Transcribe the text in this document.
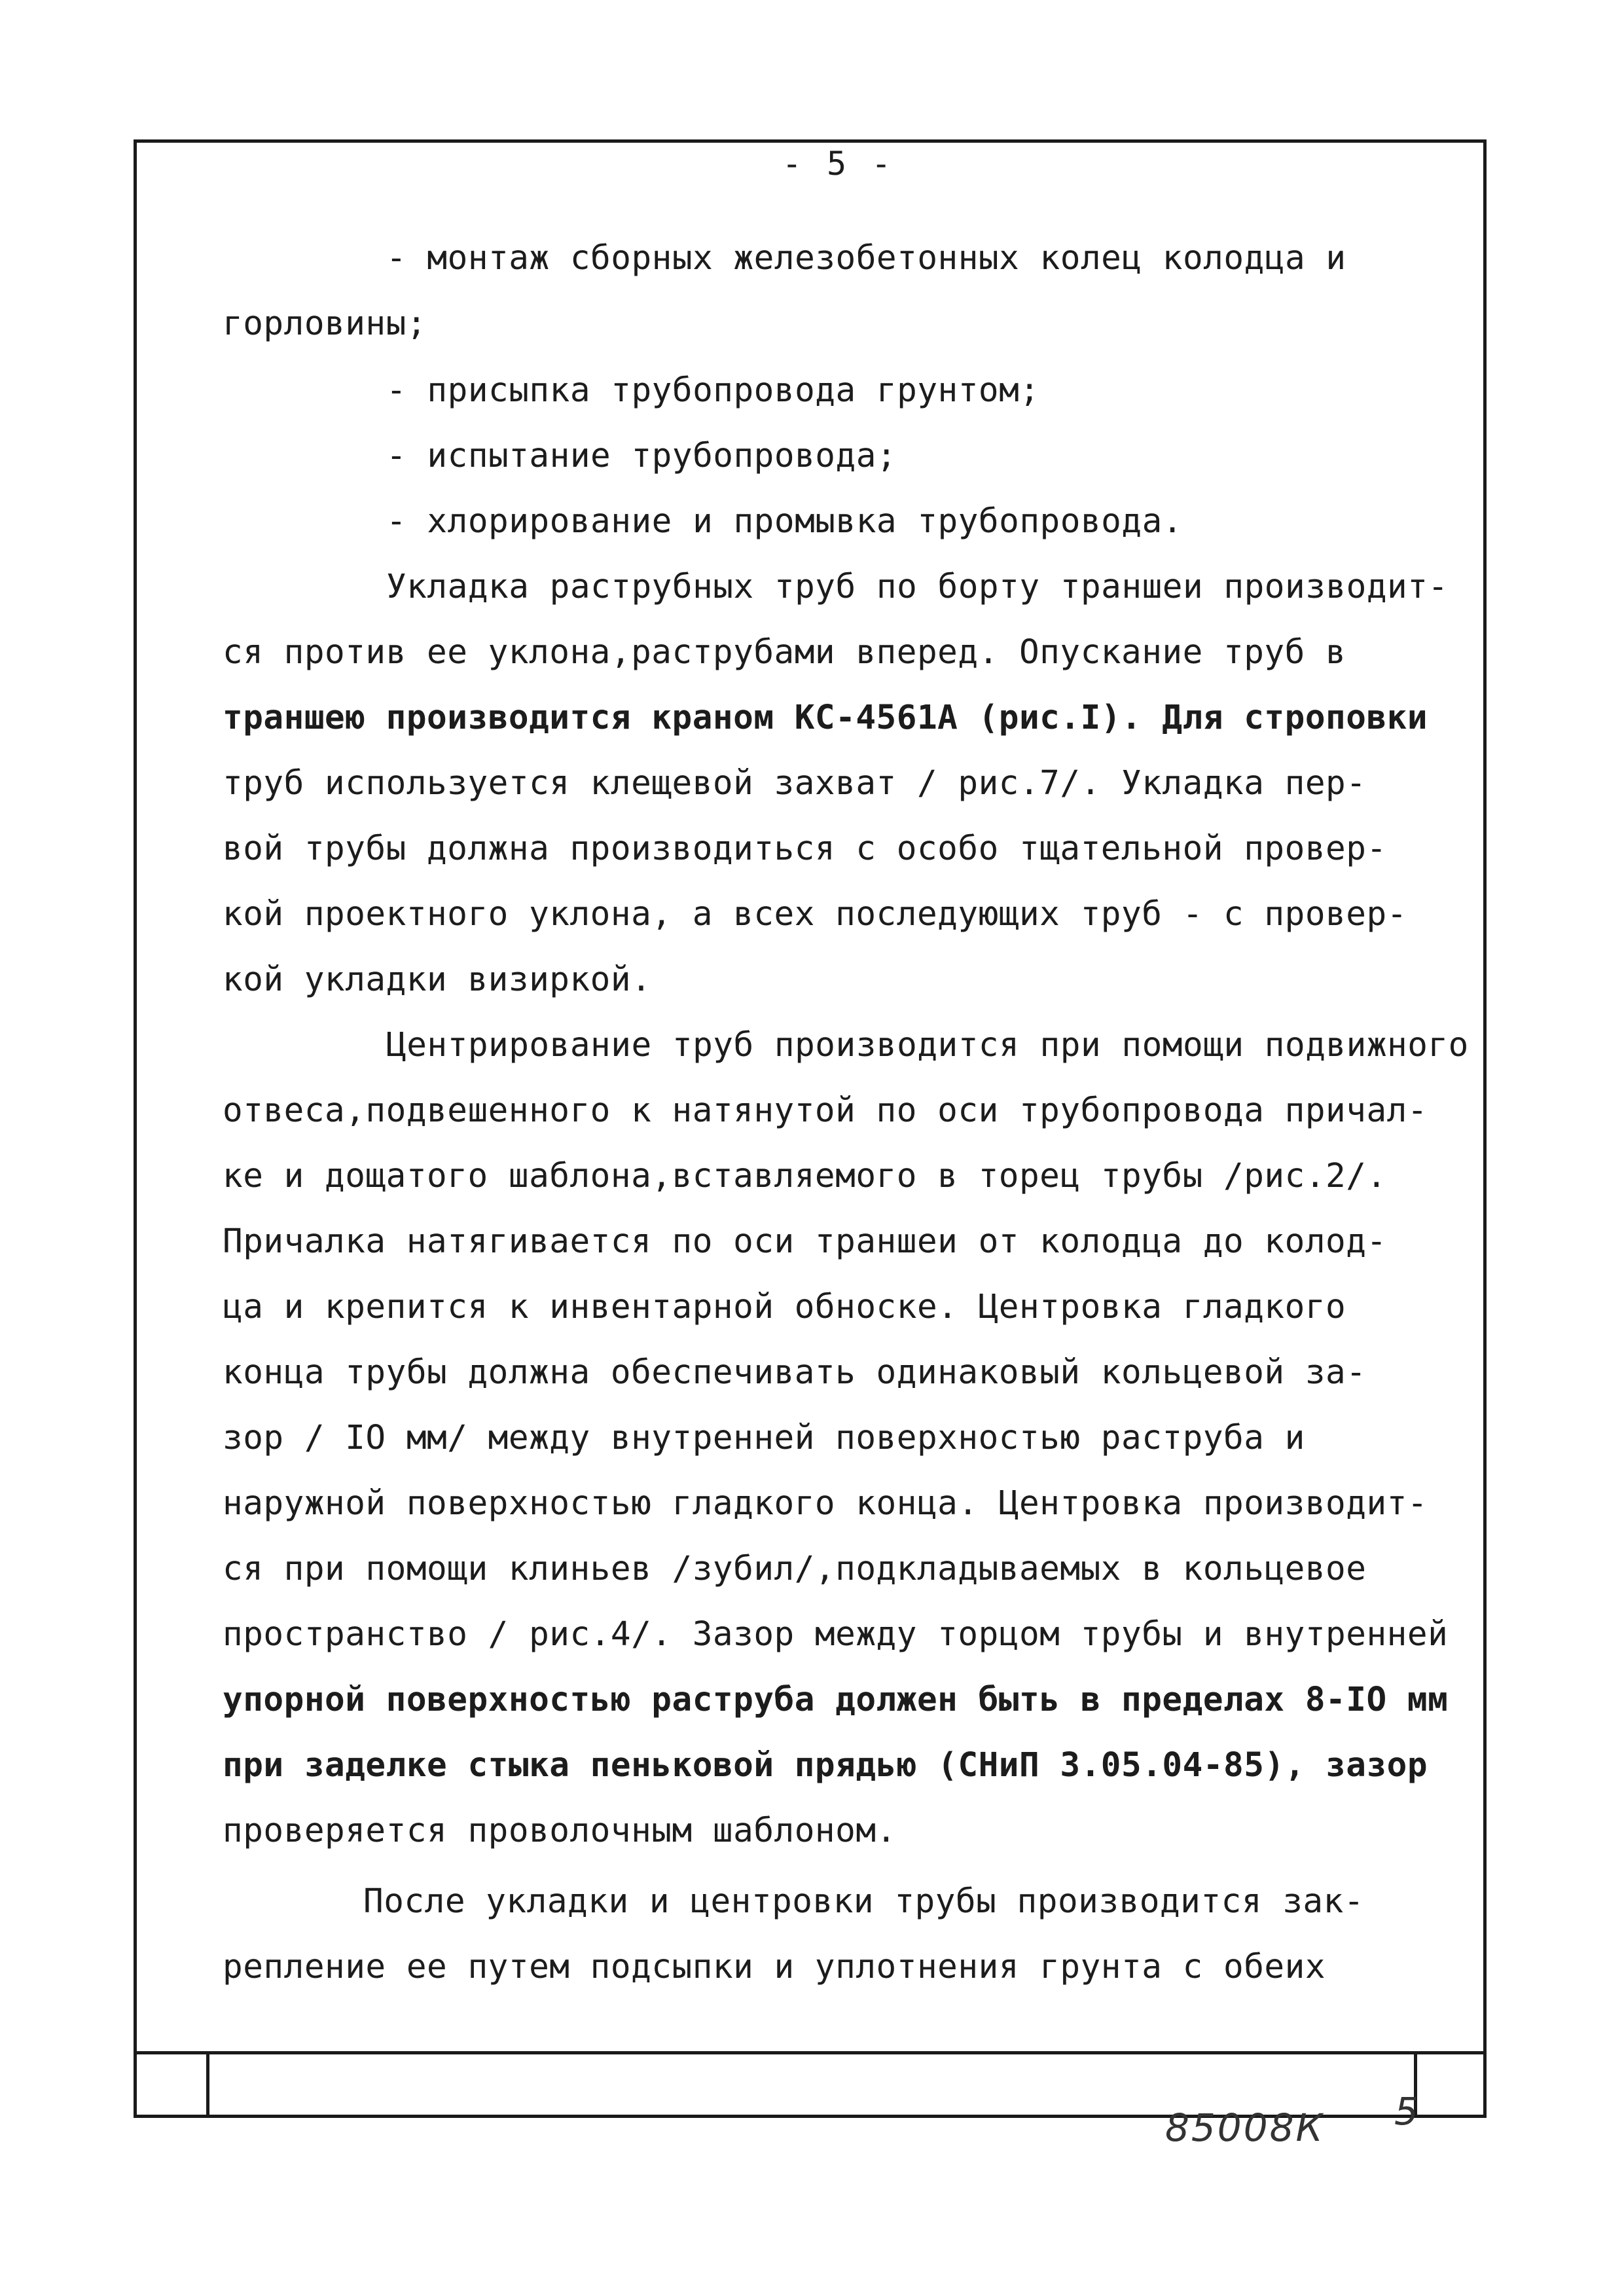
- 5 -
- монтаж сборных железобетонных колец колодца и
горловины;
- присыпка трубопровода грунтом;
- испытание трубопровода;
- хлорирование и промывка трубопровода.
Укладка раструбных труб по борту траншеи производит-
ся против ее уклона,раструбами вперед. Опускание труб в
траншею производится краном КС-4561А (рис.I). Для строповки
труб используется клещевой захват / рис.7/. Укладка пер-
вой трубы должна производиться с особо тщательной провер-
кой проектного уклона, а всех последующих труб - с провер-
кой укладки визиркой.
Центрирование труб производится при помощи подвижного
отвеса,подвешенного к натянутой по оси трубопровода причал-
ке и дощатого шаблона,вставляемого в торец трубы /рис.2/.
Причалка натягивается по оси траншеи от колодца до колод-
ца и крепится к инвентарной обноске. Центровка гладкого
конца трубы должна обеспечивать одинаковый кольцевой за-
зор / IO мм/ между внутренней поверхностью раструба и
наружной поверхностью гладкого конца. Центровка производит-
ся при помощи клиньев /зубил/,подкладываемых в кольцевое
пространство / рис.4/. Зазор между торцом трубы и внутренней
упорной поверхностью раструба должен быть в пределах 8-IO мм
при заделке стыка пеньковой прядью (СНиП 3.05.04-85), зазор
проверяется проволочным шаблоном.
После укладки и центровки трубы производится зак-
репление ее путем подсыпки и уплотнения грунта с обеих
85008К 5
